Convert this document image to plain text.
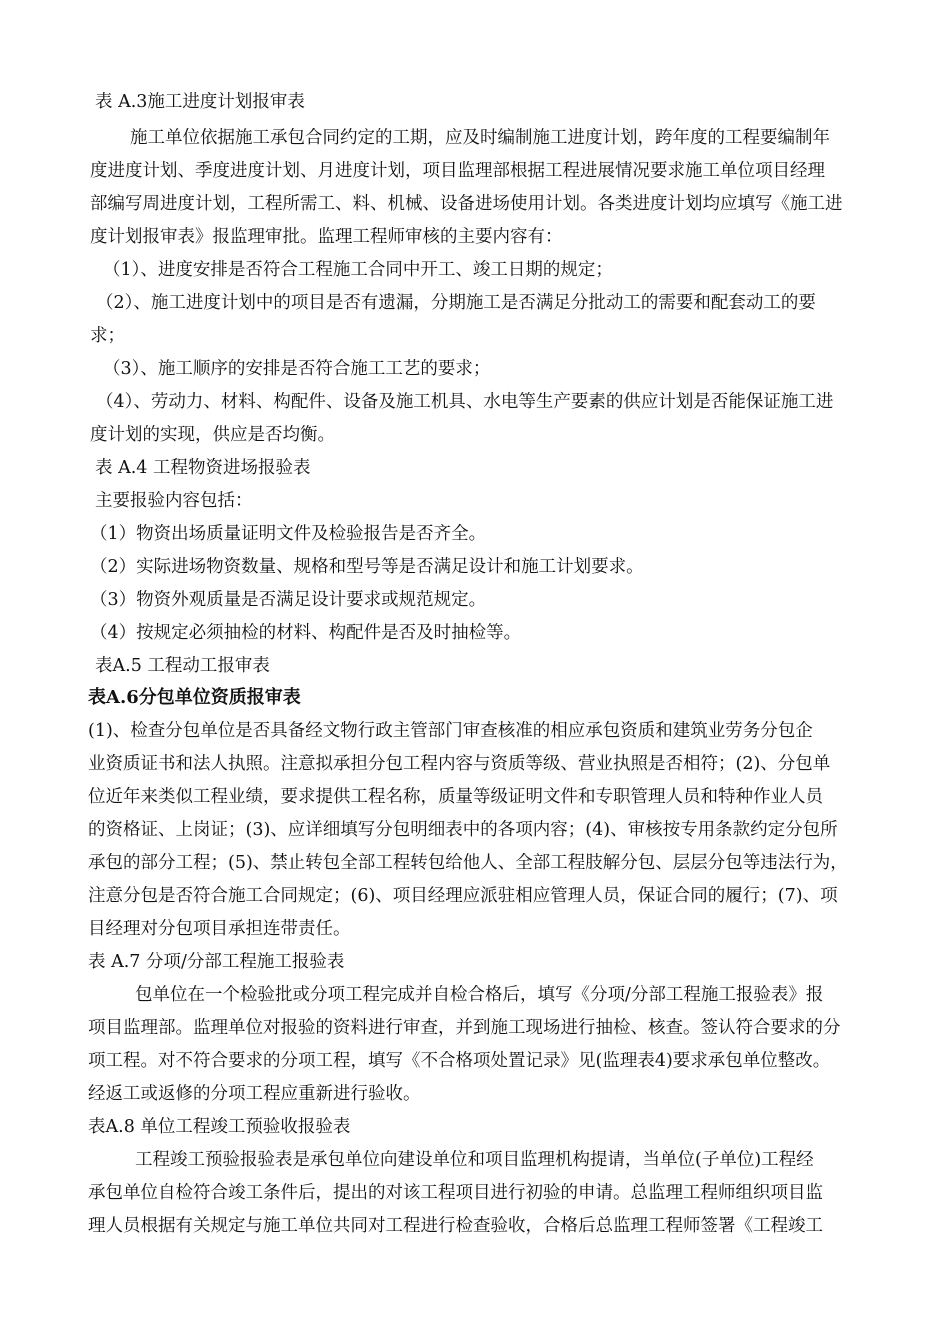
表 A.3施工进度计划报审表
施工单位依据施工承包合同约定的工期，应及时编制施工进度计划，跨年度的工程要编制年
度进度计划、季度进度计划、月进度计划，项目监理部根据工程进展情况要求施工单位项目经理
部编写周进度计划，工程所需工、料、机械、设备进场使用计划。各类进度计划均应填写《施工进
度计划报审表》报监理审批。监理工程师审核的主要内容有：
（1）、进度安排是否符合工程施工合同中开工、竣工日期的规定；
（2）、施工进度计划中的项目是否有遗漏，分期施工是否满足分批动工的需要和配套动工的要
求；
（3）、施工顺序的安排是否符合施工工艺的要求；
（4）、劳动力、材料、构配件、设备及施工机具、水电等生产要素的供应计划是否能保证施工进
度计划的实现，供应是否均衡。
表 A.4 工程物资进场报验表
主要报验内容包括：
（1）物资出场质量证明文件及检验报告是否齐全。
（2）实际进场物资数量、规格和型号等是否满足设计和施工计划要求。
（3）物资外观质量是否满足设计要求或规范规定。
（4）按规定必须抽检的材料、构配件是否及时抽检等。
表A.5 工程动工报审表
表A.6分包单位资质报审表
(1)、检查分包单位是否具备经文物行政主管部门审查核准的相应承包资质和建筑业劳务分包企
业资质证书和法人执照。注意拟承担分包工程内容与资质等级、营业执照是否相符；(2)、分包单
位近年来类似工程业绩，要求提供工程名称，质量等级证明文件和专职管理人员和特种作业人员
的资格证、上岗证；(3)、应详细填写分包明细表中的各项内容；(4)、审核按专用条款约定分包所
承包的部分工程；(5)、禁止转包全部工程转包给他人、全部工程肢解分包、层层分包等违法行为，
注意分包是否符合施工合同规定；(6)、项目经理应派驻相应管理人员，保证合同的履行；(7)、项
目经理对分包项目承担连带责任。
表 A.7 分项/分部工程施工报验表
包单位在一个检验批或分项工程完成并自检合格后，填写《分项/分部工程施工报验表》报
项目监理部。监理单位对报验的资料进行审查，并到施工现场进行抽检、核查。签认符合要求的分
项工程。对不符合要求的分项工程，填写《不合格项处置记录》见(监理表4)要求承包单位整改。
经返工或返修的分项工程应重新进行验收。
表A.8 单位工程竣工预验收报验表
工程竣工预验报验表是承包单位向建设单位和项目监理机构提请，当单位(子单位)工程经
承包单位自检符合竣工条件后，提出的对该工程项目进行初验的申请。总监理工程师组织项目监
理人员根据有关规定与施工单位共同对工程进行检查验收，合格后总监理工程师签署《工程竣工
